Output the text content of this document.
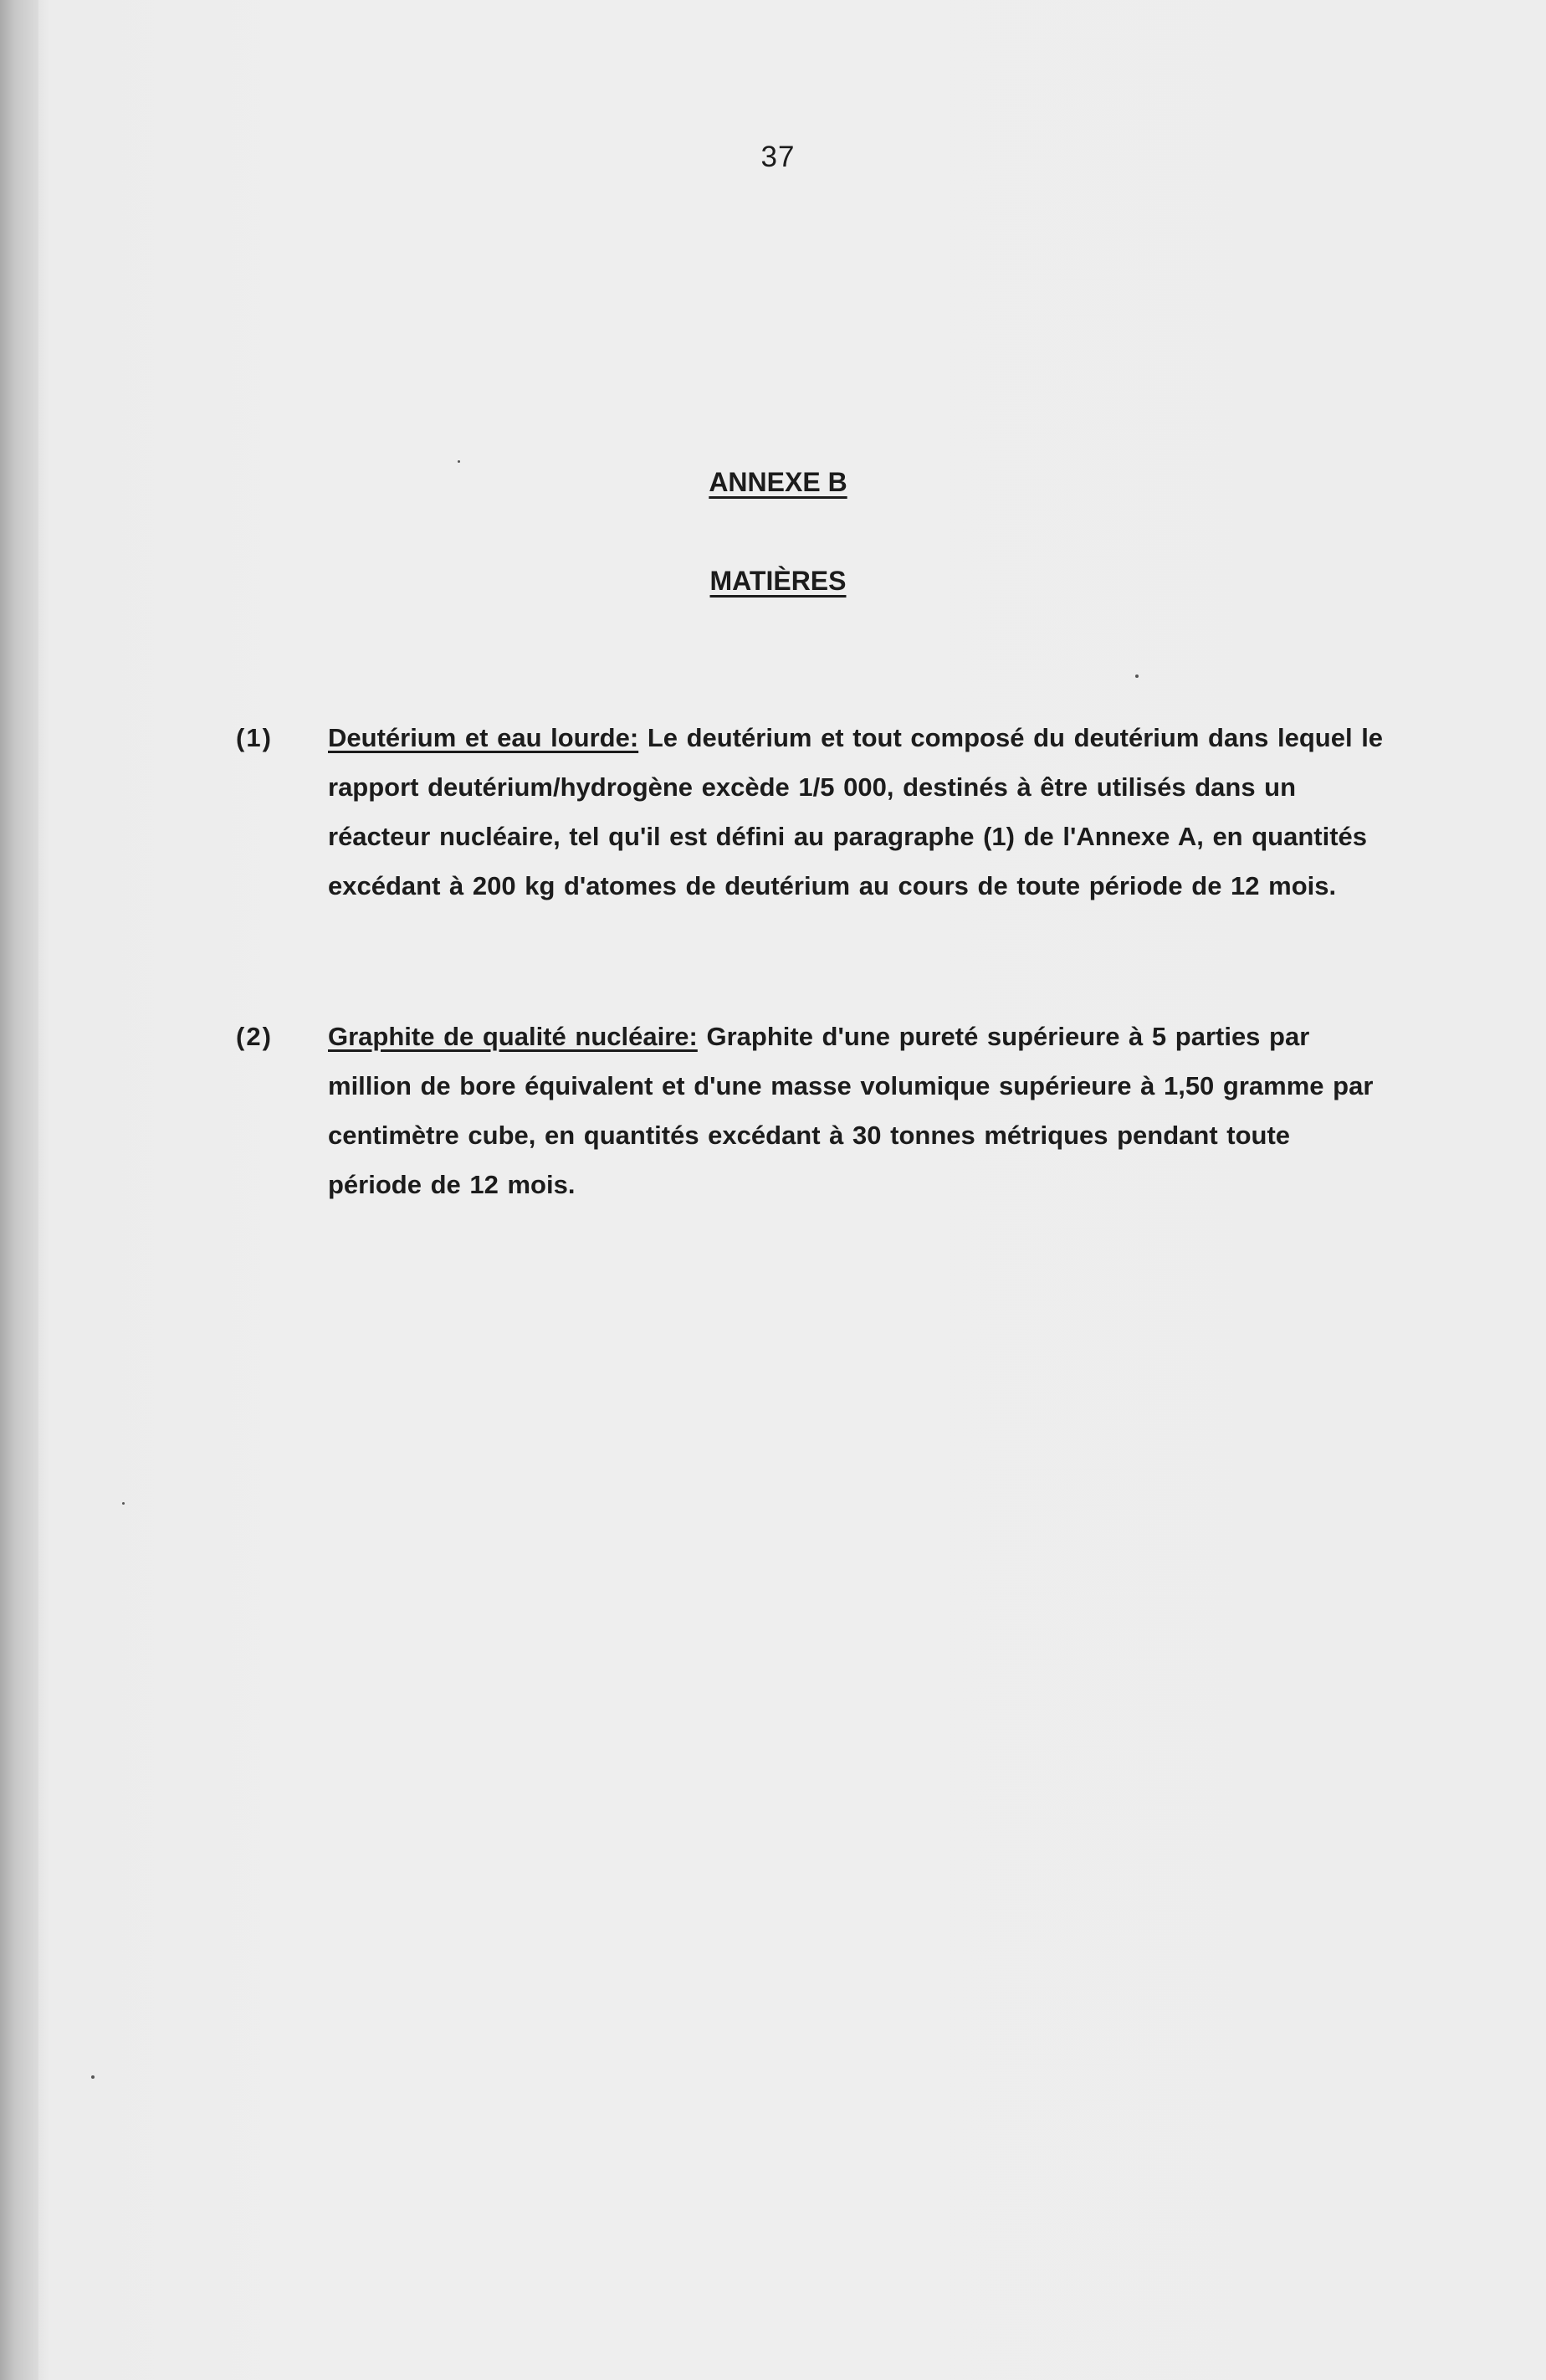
37
ANNEXE B
MATIÈRES
(1)	Deutérium et eau lourde: Le deutérium et tout composé du deutérium dans lequel le rapport deutérium/hydrogène excède 1/5 000, destinés à être utilisés dans un réacteur nucléaire, tel qu'il est défini au paragraphe (1) de l'Annexe A, en quantités excédant à 200 kg d'atomes de deutérium au cours de toute période de 12 mois.
(2)	Graphite de qualité nucléaire: Graphite d'une pureté supérieure à 5 parties par million de bore équivalent et d'une masse volumique supérieure à 1,50 gramme par centimètre cube, en quantités excédant à 30 tonnes métriques pendant toute période de 12 mois.
